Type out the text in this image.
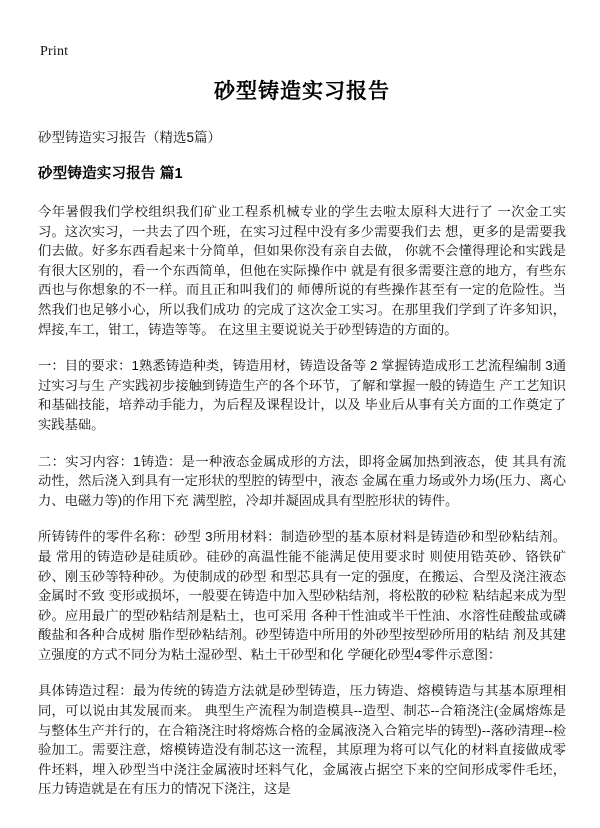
Print
砂型铸造实习报告

砂型铸造实习报告（精选5篇）

砂型铸造实习报告 篇1

今年暑假我们学校组织我们矿业工程系机械专业的学生去啦太原科大进行了 一次金工实习。这次实习，一共去了四个班，在实习过程中没有多少需要我们去 想，更多的是需要我们去做。好多东西看起来十分简单，但如果你没有亲自去做， 你就不会懂得理论和实践是有很大区别的，看一个东西简单，但他在实际操作中 就是有很多需要注意的地方，有些东西也与你想象的不一样。而且正和叫我们的 师傅所说的有些操作甚至有一定的危险性。当然我们也足够小心，所以我们成功 的完成了这次金工实习。在那里我们学到了许多知识，焊接,车工，钳工，铸造等等。 在这里主要说说关于砂型铸造的方面的。

一：目的要求：1熟悉铸造种类，铸造用材，铸造设备等 2 掌握铸造成形工艺流程编制 3通过实习与生 产实践初步接触到铸造生产的各个环节，了解和掌握一般的铸造生 产工艺知识和基础技能，培养动手能力，为后程及课程设计，以及 毕业后从事有关方面的工作奠定了实践基础。

二：实习内容：1铸造：是一种液态金属成形的方法，即将金属加热到液态，使 其具有流动性，然后浇入到具有一定形状的型腔的铸型中，液态 金属在重力场或外力场(压力、离心力、电磁力等)的作用下充 满型腔，冷却并凝固成具有型腔形状的铸件。

所铸铸件的零件名称：砂型 3所用材料：制造砂型的基本原材料是铸造砂和型砂粘结剂。最 常用的铸造砂是硅质砂。硅砂的高温性能不能满足使用要求时 则使用锆英砂、铬铁矿砂、刚玉砂等特种砂。为使制成的砂型 和型芯具有一定的强度，在搬运、合型及浇注液态金属时不致 变形或损坏，一般要在铸造中加入型砂粘结剂，将松散的砂粒 粘结起来成为型砂。应用最广的型砂粘结剂是粘土，也可采用 各种干性油或半干性油、水溶性硅酸盐或磷酸盐和各种合成树 脂作型砂粘结剂。砂型铸造中所用的外砂型按型砂所用的粘结 剂及其建立强度的方式不同分为粘土湿砂型、粘土干砂型和化 学硬化砂型4零件示意图：

具体铸造过程：最为传统的铸造方法就是砂型铸造，压力铸造、熔模铸造与其基本原理相同，可以说由其发展而来。 典型生产流程为制造模具--造型、制芯--合箱浇注(金属熔炼是与整体生产并行的，在合箱浇注时将熔炼合格的金属液浇入合箱完毕的铸型)--落砂清理--检验加工。需要注意，熔模铸造没有制芯这一流程，其原理为将可以气化的材料直接做成零件坯料，埋入砂型当中浇注金属液时坯料气化，金属液占据空下来的空间形成零件毛坯，压力铸造就是在有压力的情况下浇注，这是
